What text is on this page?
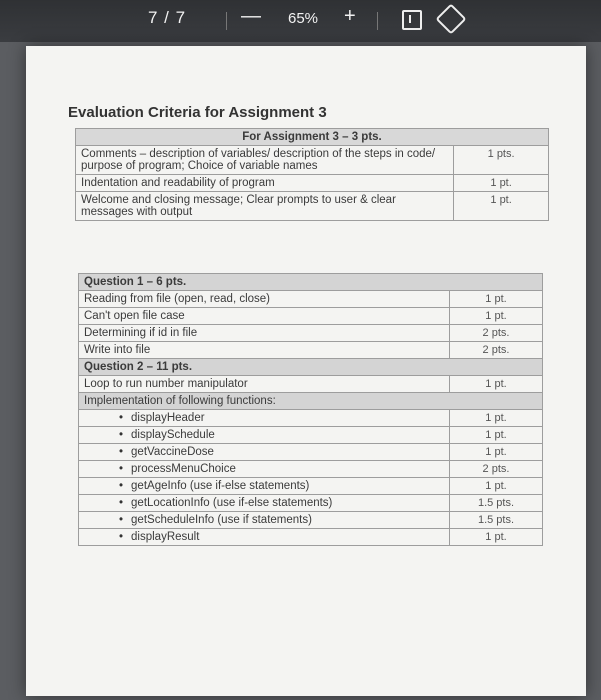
7 / 7	— 65% +
Evaluation Criteria for Assignment 3
For Assignment 3 – 3 pts.	
Comments – description of variables/ description of the steps in code/ purpose of program; Choice of variable names	1 pts.
Indentation and readability of program	1 pt.
Welcome and closing message; Clear prompts to user & clear messages with output	1 pt.
Question 1 – 6 pts.	
Reading from file (open, read, close)	1 pt.
Can't open file case	1 pt.
Determining if id in file	2 pts.
Write into file	2 pts.
Question 2 – 11 pts.	
Loop to run number manipulator	1 pt.
Implementation of following functions:	
• displayHeader	1 pt.
• displaySchedule	1 pt.
• getVaccineDose	1 pt.
• processMenuChoice	2 pts.
• getAgeInfo (use if-else statements)	1 pt.
• getLocationInfo (use if-else statements)	1.5 pts.
• getScheduleInfo (use if statements)	1.5 pts.
• displayResult	1 pt.
